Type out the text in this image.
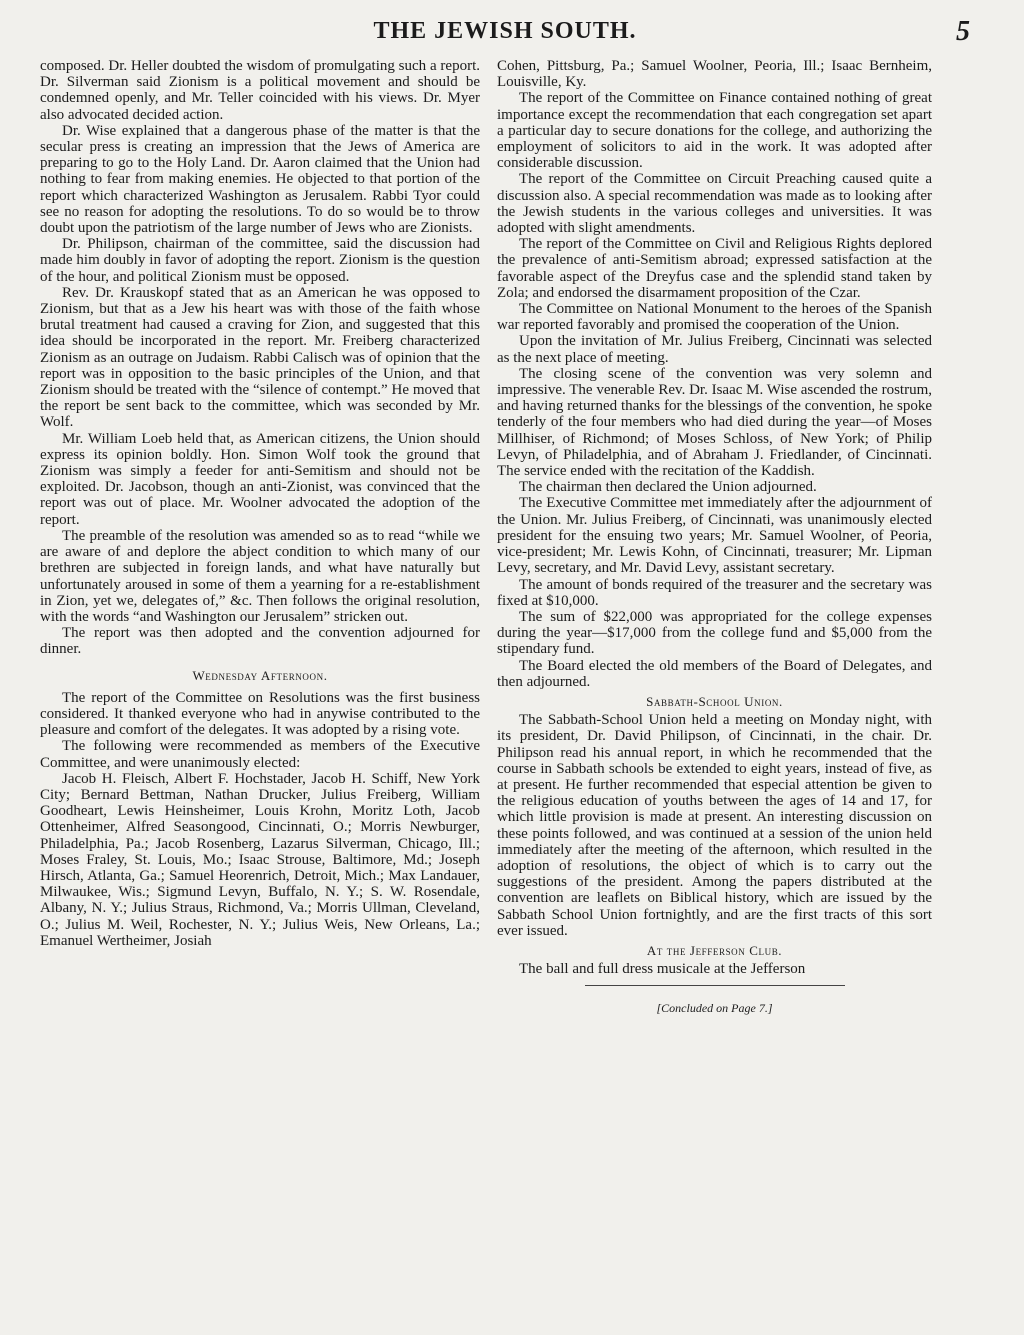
THE JEWISH SOUTH.	5

composed. Dr. Heller doubted the wisdom of promulgating such a report. Dr. Silverman said Zionism is a political movement and should be condemned openly, and Mr. Teller coincided with his views. Dr. Myer also advocated decided action.

Dr. Wise explained that a dangerous phase of the matter is that the secular press is creating an impression that the Jews of America are preparing to go to the Holy Land. Dr. Aaron claimed that the Union had nothing to fear from making enemies. He objected to that portion of the report which characterized Washington as Jerusalem. Rabbi Tyor could see no reason for adopting the resolutions. To do so would be to throw doubt upon the patriotism of the large number of Jews who are Zionists.

Dr. Philipson, chairman of the committee, said the discussion had made him doubly in favor of adopting the report. Zionism is the question of the hour, and political Zionism must be opposed.

Rev. Dr. Krauskopf stated that as an American he was opposed to Zionism, but that as a Jew his heart was with those of the faith whose brutal treatment had caused a craving for Zion, and suggested that this idea should be incorporated in the report. Mr. Freiberg characterized Zionism as an outrage on Judaism. Rabbi Calisch was of opinion that the report was in opposition to the basic principles of the Union, and that Zionism should be treated with the “silence of contempt.” He moved that the report be sent back to the committee, which was seconded by Mr. Wolf.

Mr. William Loeb held that, as American citizens, the Union should express its opinion boldly. Hon. Simon Wolf took the ground that Zionism was simply a feeder for anti-Semitism and should not be exploited. Dr. Jacobson, though an anti-Zionist, was convinced that the report was out of place. Mr. Woolner advocated the adoption of the report.

The preamble of the resolution was amended so as to read “while we are aware of and deplore the abject condition to which many of our brethren are subjected in foreign lands, and what have naturally but unfortunately aroused in some of them a yearning for a re-establishment in Zion, yet we, delegates of,” &c. Then follows the original resolution, with the words “and Washington our Jerusalem” stricken out.

The report was then adopted and the convention adjourned for dinner.

Wednesday Afternoon.

The report of the Committee on Resolutions was the first business considered. It thanked everyone who had in anywise contributed to the pleasure and comfort of the delegates. It was adopted by a rising vote.

The following were recommended as members of the Executive Committee, and were unanimously elected:

Jacob H. Fleisch, Albert F. Hochstader, Jacob H. Schiff, New York City; Bernard Bettman, Nathan Drucker, Julius Freiberg, William Goodheart, Lewis Heinsheimer, Louis Krohn, Moritz Loth, Jacob Ottenheimer, Alfred Seasongood, Cincinnati, O.; Morris Newburger, Philadelphia, Pa.; Jacob Rosenberg, Lazarus Silverman, Chicago, Ill.; Moses Fraley, St. Louis, Mo.; Isaac Strouse, Baltimore, Md.; Joseph Hirsch, Atlanta, Ga.; Samuel Heorenrich, Detroit, Mich.; Max Landauer, Milwaukee, Wis.; Sigmund Levyn, Buffalo, N. Y.; S. W. Rosendale, Albany, N. Y.; Julius Straus, Richmond, Va.; Morris Ullman, Cleveland, O.; Julius M. Weil, Rochester, N. Y.; Julius Weis, New Orleans, La.; Emanuel Wertheimer, Josiah

Cohen, Pittsburg, Pa.; Samuel Woolner, Peoria, Ill.; Isaac Bernheim, Louisville, Ky.

The report of the Committee on Finance contained nothing of great importance except the recommendation that each congregation set apart a particular day to secure donations for the college, and authorizing the employment of solicitors to aid in the work. It was adopted after considerable discussion.

The report of the Committee on Circuit Preaching caused quite a discussion also. A special recommendation was made as to looking after the Jewish students in the various colleges and universities. It was adopted with slight amendments.

The report of the Committee on Civil and Religious Rights deplored the prevalence of anti-Semitism abroad; expressed satisfaction at the favorable aspect of the Dreyfus case and the splendid stand taken by Zola; and endorsed the disarmament proposition of the Czar.

The Committee on National Monument to the heroes of the Spanish war reported favorably and promised the cooperation of the Union.

Upon the invitation of Mr. Julius Freiberg, Cincinnati was selected as the next place of meeting.

The closing scene of the convention was very solemn and impressive. The venerable Rev. Dr. Isaac M. Wise ascended the rostrum, and having returned thanks for the blessings of the convention, he spoke tenderly of the four members who had died during the year—of Moses Millhiser, of Richmond; of Moses Schloss, of New York; of Philip Levyn, of Philadelphia, and of Abraham J. Friedlander, of Cincinnati. The service ended with the recitation of the Kaddish.

The chairman then declared the Union adjourned.

The Executive Committee met immediately after the adjournment of the Union. Mr. Julius Freiberg, of Cincinnati, was unanimously elected president for the ensuing two years; Mr. Samuel Woolner, of Peoria, vice-president; Mr. Lewis Kohn, of Cincinnati, treasurer; Mr. Lipman Levy, secretary, and Mr. David Levy, assistant secretary.

The amount of bonds required of the treasurer and the secretary was fixed at $10,000.

The sum of $22,000 was appropriated for the college expenses during the year—$17,000 from the college fund and $5,000 from the stipendary fund.

The Board elected the old members of the Board of Delegates, and then adjourned.

Sabbath-School Union.

The Sabbath-School Union held a meeting on Monday night, with its president, Dr. David Philipson, of Cincinnati, in the chair. Dr. Philipson read his annual report, in which he recommended that the course in Sabbath schools be extended to eight years, instead of five, as at present. He further recommended that especial attention be given to the religious education of youths between the ages of 14 and 17, for which little provision is made at present. An interesting discussion on these points followed, and was continued at a session of the union held immediately after the meeting of the afternoon, which resulted in the adoption of resolutions, the object of which is to carry out the suggestions of the president. Among the papers distributed at the convention are leaflets on Biblical history, which are issued by the Sabbath School Union fortnightly, and are the first tracts of this sort ever issued.

At the Jefferson Club.

The ball and full dress musicale at the Jefferson

[Concluded on Page 7.]
